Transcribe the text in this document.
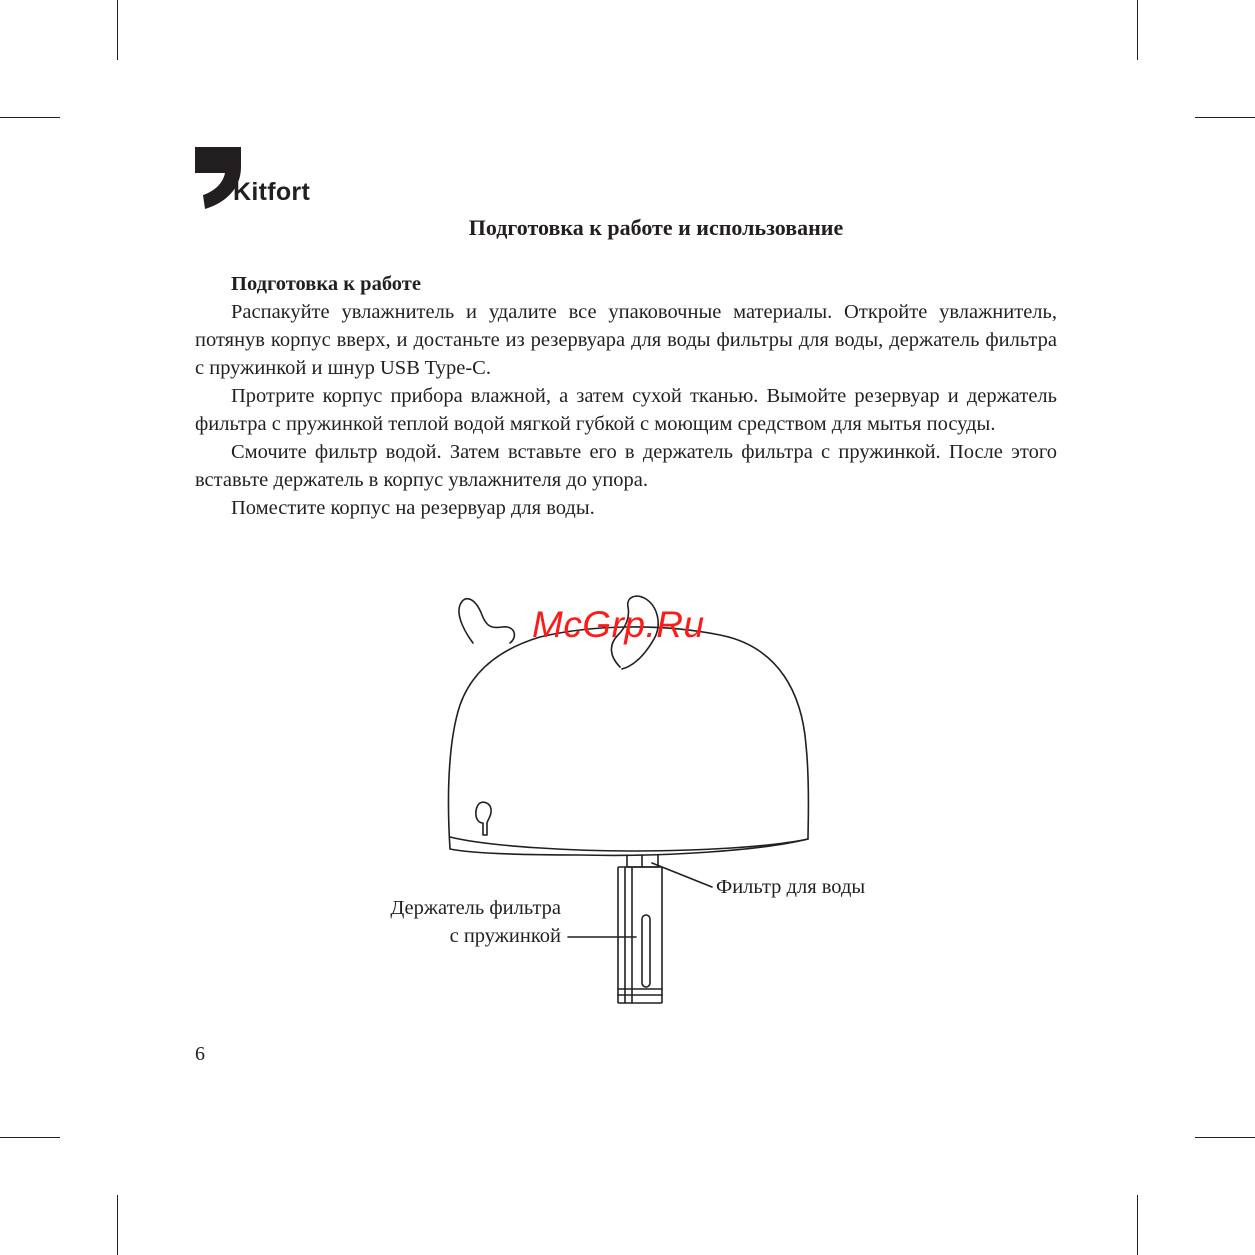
Kitfort
Подготовка к работе и использование

Подготовка к работе

Распакуйте увлажнитель и удалите все упаковочные материалы. Откройте увлажнитель, потянув корпус вверх, и достаньте из резервуара для воды фильтры для воды, держатель фильтра с пружинкой и шнур USB Type-C.

Протрите корпус прибора влажной, а затем сухой тканью. Вымойте резервуар и держатель фильтра с пружинкой теплой водой мягкой губкой с моющим средством для мытья посуды.

Смочите фильтр водой. Затем вставьте его в держатель фильтра с пружинкой. После этого вставьте держатель в корпус увлажнителя до упора.

Поместите корпус на резервуар для воды.

Фильтр для воды
Держатель фильтра
с пружинкой
McGrp.Ru
6
